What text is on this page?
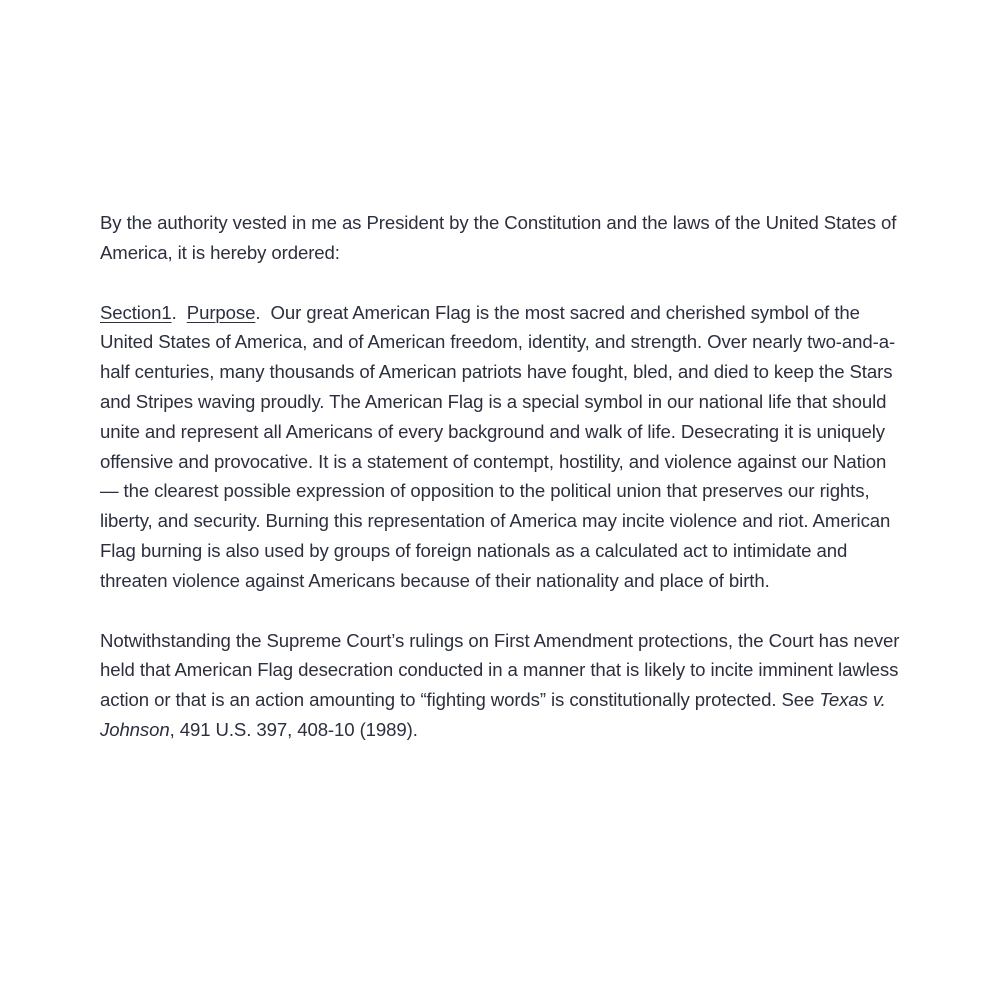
By the authority vested in me as President by the Constitution and the laws of the United States of America, it is hereby ordered:

Section1.  Purpose.  Our great American Flag is the most sacred and cherished symbol of the United States of America, and of American freedom, identity, and strength. Over nearly two-and-a-half centuries, many thousands of American patriots have fought, bled, and died to keep the Stars and Stripes waving proudly. The American Flag is a special symbol in our national life that should unite and represent all Americans of every background and walk of life. Desecrating it is uniquely offensive and provocative. It is a statement of contempt, hostility, and violence against our Nation — the clearest possible expression of opposition to the political union that preserves our rights, liberty, and security. Burning this representation of America may incite violence and riot. American Flag burning is also used by groups of foreign nationals as a calculated act to intimidate and threaten violence against Americans because of their nationality and place of birth.

Notwithstanding the Supreme Court’s rulings on First Amendment protections, the Court has never held that American Flag desecration conducted in a manner that is likely to incite imminent lawless action or that is an action amounting to “fighting words” is constitutionally protected. See Texas v. Johnson, 491 U.S. 397, 408-10 (1989).
